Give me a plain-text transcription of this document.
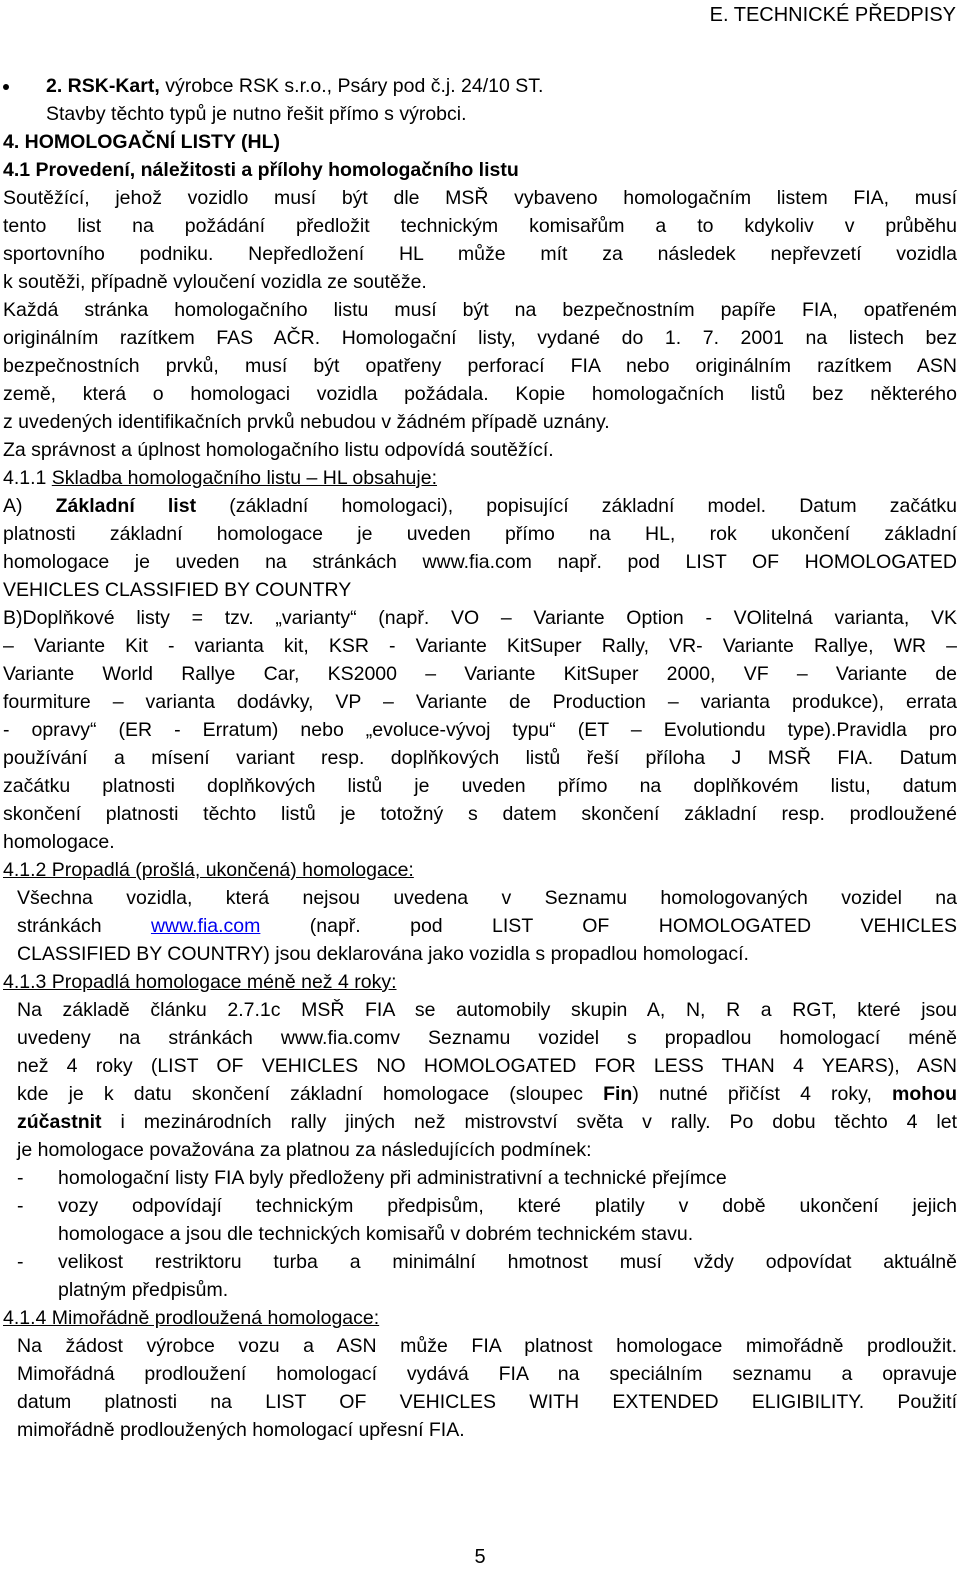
E. TECHNICKÉ PŘEDPISY
2. RSK-Kart, výrobce RSK s.r.o., Psáry pod č.j. 24/10 ST.
Stavby těchto typů je nutno řešit přímo s výrobci.
4. HOMOLOGAČNÍ LISTY (HL)
4.1 Provedení, náležitosti a přílohy homologačního listu
Soutěžící, jehož vozidlo musí být dle MSŘ vybaveno homologačním listem FIA, musí
tento list na požádání předložit technickým komisařům a to kdykoliv v průběhu
sportovního podniku. Nepředložení HL může mít za následek nepřevzetí vozidla
k soutěži, případně vyloučení vozidla ze soutěže.
Každá stránka homologačního listu musí být na bezpečnostním papíře FIA, opatřeném
originálním razítkem FAS AČR. Homologační listy, vydané do 1. 7. 2001 na listech bez
bezpečnostních prvků, musí být opatřeny perforací FIA nebo originálním razítkem ASN
země, která o homologaci vozidla požádala. Kopie homologačních listů bez některého
z uvedených identifikačních prvků nebudou v žádném případě uznány.
Za správnost a úplnost homologačního listu odpovídá soutěžící.
4.1.1 Skladba homologačního listu – HL obsahuje:
A) Základní list (základní homologaci), popisující základní model. Datum začátku
platnosti základní homologace je uveden přímo na HL, rok ukončení základní
homologace je uveden na stránkách www.fia.com např. pod LIST OF HOMOLOGATED
VEHICLES CLASSIFIED BY COUNTRY
B)Doplňkové listy = tzv. „varianty“ (např. VO – Variante Option - VOlitelná varianta, VK
– Variante Kit - varianta kit, KSR - Variante KitSuper Rally, VR- Variante Rallye, WR –
Variante World Rallye Car, KS2000 – Variante KitSuper 2000, VF – Variante de
fourmiture – varianta dodávky, VP – Variante de Production – varianta produkce), errata
- opravy“ (ER - Erratum) nebo „evoluce-vývoj typu“ (ET – Evolutiondu type).Pravidla pro
používání a mísení variant resp. doplňkových listů řeší příloha J MSŘ FIA. Datum
začátku platnosti doplňkových listů je uveden přímo na doplňkovém listu, datum
skončení platnosti těchto listů je totožný s datem skončení základní resp. prodloužené
homologace.
4.1.2 Propadlá (prošlá, ukončená) homologace:
Všechna vozidla, která nejsou uvedena v Seznamu homologovaných vozidel na
stránkách www.fia.com (např. pod LIST OF HOMOLOGATED VEHICLES
CLASSIFIED BY COUNTRY) jsou deklarována jako vozidla s propadlou homologací.
4.1.3 Propadlá homologace méně než 4 roky:
Na základě článku 2.7.1c MSŘ FIA se automobily skupin A, N, R a RGT, které jsou
uvedeny na stránkách www.fia.comv Seznamu vozidel s propadlou homologací méně
než 4 roky (LIST OF VEHICLES NO HOMOLOGATED FOR LESS THAN 4 YEARS), ASN
kde je k datu skončení základní homologace (sloupec Fin) nutné přičíst 4 roky, mohou
zúčastnit i mezinárodních rally jiných než mistrovství světa v rally. Po dobu těchto 4 let
je homologace považována za platnou za následujících podmínek:
- homologační listy FIA byly předloženy při administrativní a technické přejímce
- vozy odpovídají technickým předpisům, které platily v době ukončení jejich
homologace a jsou dle technických komisařů v dobrém technickém stavu.
- velikost restriktoru turba a minimální hmotnost musí vždy odpovídat aktuálně
platným předpisům.
4.1.4 Mimořádně prodloužená homologace:
Na žádost výrobce vozu a ASN může FIA platnost homologace mimořádně prodloužit.
Mimořádná prodloužení homologací vydává FIA na speciálním seznamu a opravuje
datum platnosti na LIST OF VEHICLES WITH EXTENDED ELIGIBILITY. Použití
mimořádně prodloužených homologací upřesní FIA.
5
